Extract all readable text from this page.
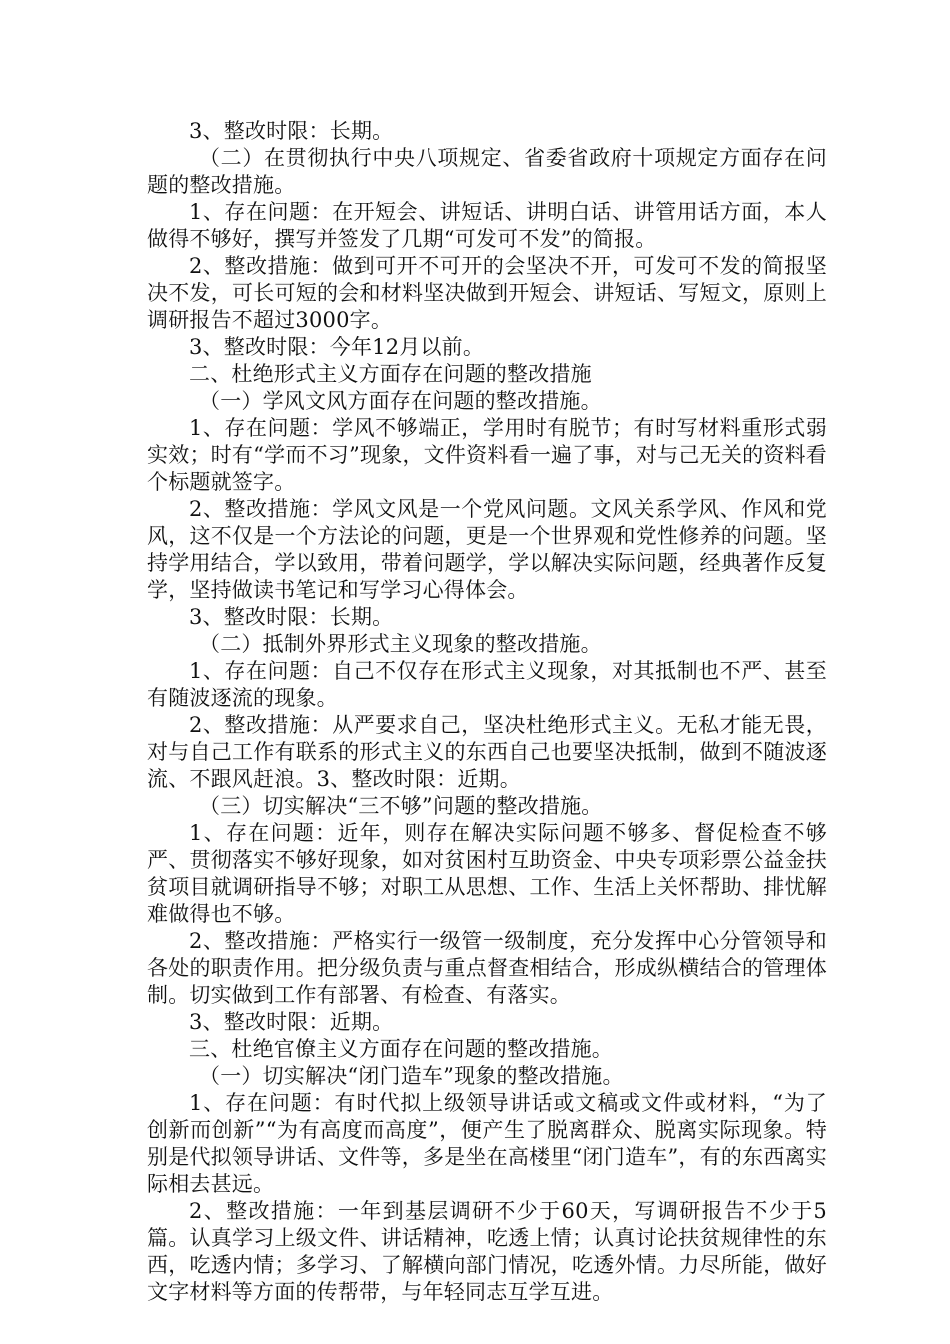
3、整改时限：长期。

（二）在贯彻执行中央八项规定、省委省政府十项规定方面存在问题的整改措施。

1、存在问题：在开短会、讲短话、讲明白话、讲管用话方面，本人做得不够好，撰写并签发了几期“可发可不发”的简报。

2、整改措施：做到可开不可开的会坚决不开，可发可不发的简报坚决不发，可长可短的会和材料坚决做到开短会、讲短话、写短文，原则上调研报告不超过3000字。

3、整改时限：今年12月以前。

二、杜绝形式主义方面存在问题的整改措施

（一）学风文风方面存在问题的整改措施。

1、存在问题：学风不够端正，学用时有脱节；有时写材料重形式弱实效；时有“学而不习”现象，文件资料看一遍了事，对与己无关的资料看个标题就签字。

2、整改措施：学风文风是一个党风问题。文风关系学风、作风和党风，这不仅是一个方法论的问题，更是一个世界观和党性修养的问题。坚持学用结合，学以致用，带着问题学，学以解决实际问题，经典著作反复学，坚持做读书笔记和写学习心得体会。

3、整改时限：长期。

（二）抵制外界形式主义现象的整改措施。

1、存在问题：自己不仅存在形式主义现象，对其抵制也不严、甚至有随波逐流的现象。

2、整改措施：从严要求自己，坚决杜绝形式主义。无私才能无畏，对与自己工作有联系的形式主义的东西自己也要坚决抵制，做到不随波逐流、不跟风赶浪。3、整改时限：近期。

（三）切实解决“三不够”问题的整改措施。

1、存在问题：近年，则存在解决实际问题不够多、督促检查不够严、贯彻落实不够好现象，如对贫困村互助资金、中央专项彩票公益金扶贫项目就调研指导不够；对职工从思想、工作、生活上关怀帮助、排忧解难做得也不够。

2、整改措施：严格实行一级管一级制度，充分发挥中心分管领导和各处的职责作用。把分级负责与重点督查相结合，形成纵横结合的管理体制。切实做到工作有部署、有检查、有落实。

3、整改时限：近期。

三、杜绝官僚主义方面存在问题的整改措施。

（一）切实解决“闭门造车”现象的整改措施。

1、存在问题：有时代拟上级领导讲话或文稿或文件或材料，“为了创新而创新”“为有高度而高度”，便产生了脱离群众、脱离实际现象。特别是代拟领导讲话、文件等，多是坐在高楼里“闭门造车”，有的东西离实际相去甚远。

2、整改措施：一年到基层调研不少于60天，写调研报告不少于5篇。认真学习上级文件、讲话精神，吃透上情；认真讨论扶贫规律性的东西，吃透内情；多学习、了解横向部门情况，吃透外情。力尽所能，做好文字材料等方面的传帮带，与年轻同志互学互进。
